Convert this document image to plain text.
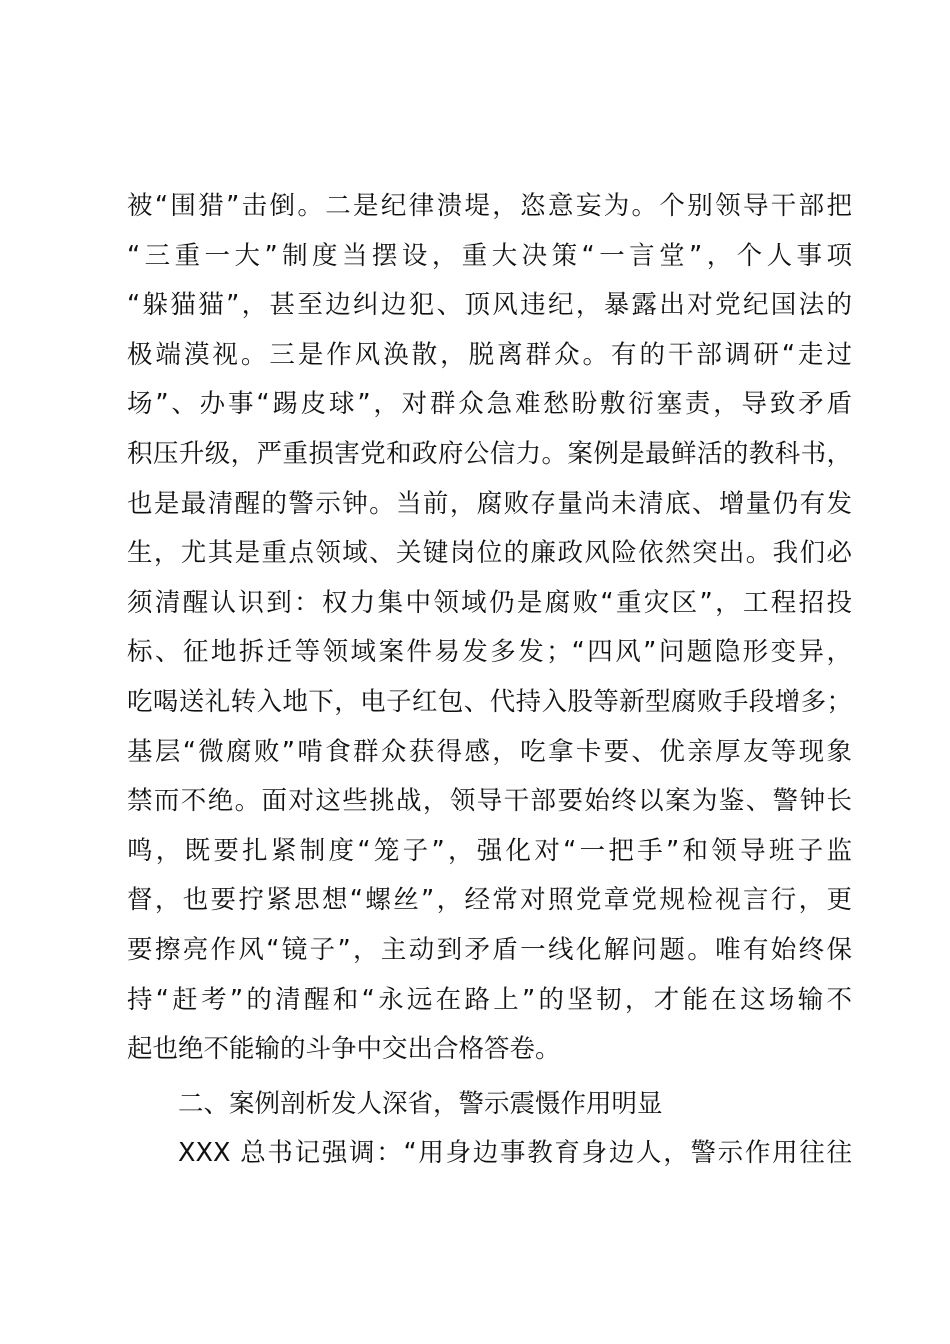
被“围猎”击倒。二是纪律溃堤，恣意妄为。个别领导干部把
“三重一大”制度当摆设，重大决策“一言堂”，个人事项
“躲猫猫”，甚至边纠边犯、顶风违纪，暴露出对党纪国法的
极端漠视。三是作风涣散，脱离群众。有的干部调研“走过
场”、办事“踢皮球”，对群众急难愁盼敷衍塞责，导致矛盾
积压升级，严重损害党和政府公信力。案例是最鲜活的教科书，
也是最清醒的警示钟。当前，腐败存量尚未清底、增量仍有发
生，尤其是重点领域、关键岗位的廉政风险依然突出。我们必
须清醒认识到：权力集中领域仍是腐败“重灾区”，工程招投
标、征地拆迁等领域案件易发多发；“四风”问题隐形变异，
吃喝送礼转入地下，电子红包、代持入股等新型腐败手段增多；
基层“微腐败”啃食群众获得感，吃拿卡要、优亲厚友等现象
禁而不绝。面对这些挑战，领导干部要始终以案为鉴、警钟长
鸣，既要扎紧制度“笼子”，强化对“一把手”和领导班子监
督，也要拧紧思想“螺丝”，经常对照党章党规检视言行，更
要擦亮作风“镜子”，主动到矛盾一线化解问题。唯有始终保
持“赶考”的清醒和“永远在路上”的坚韧，才能在这场输不
起也绝不能输的斗争中交出合格答卷。
二、案例剖析发人深省，警示震慑作用明显
XXX 总书记强调：“用身边事教育身边人，警示作用往往
